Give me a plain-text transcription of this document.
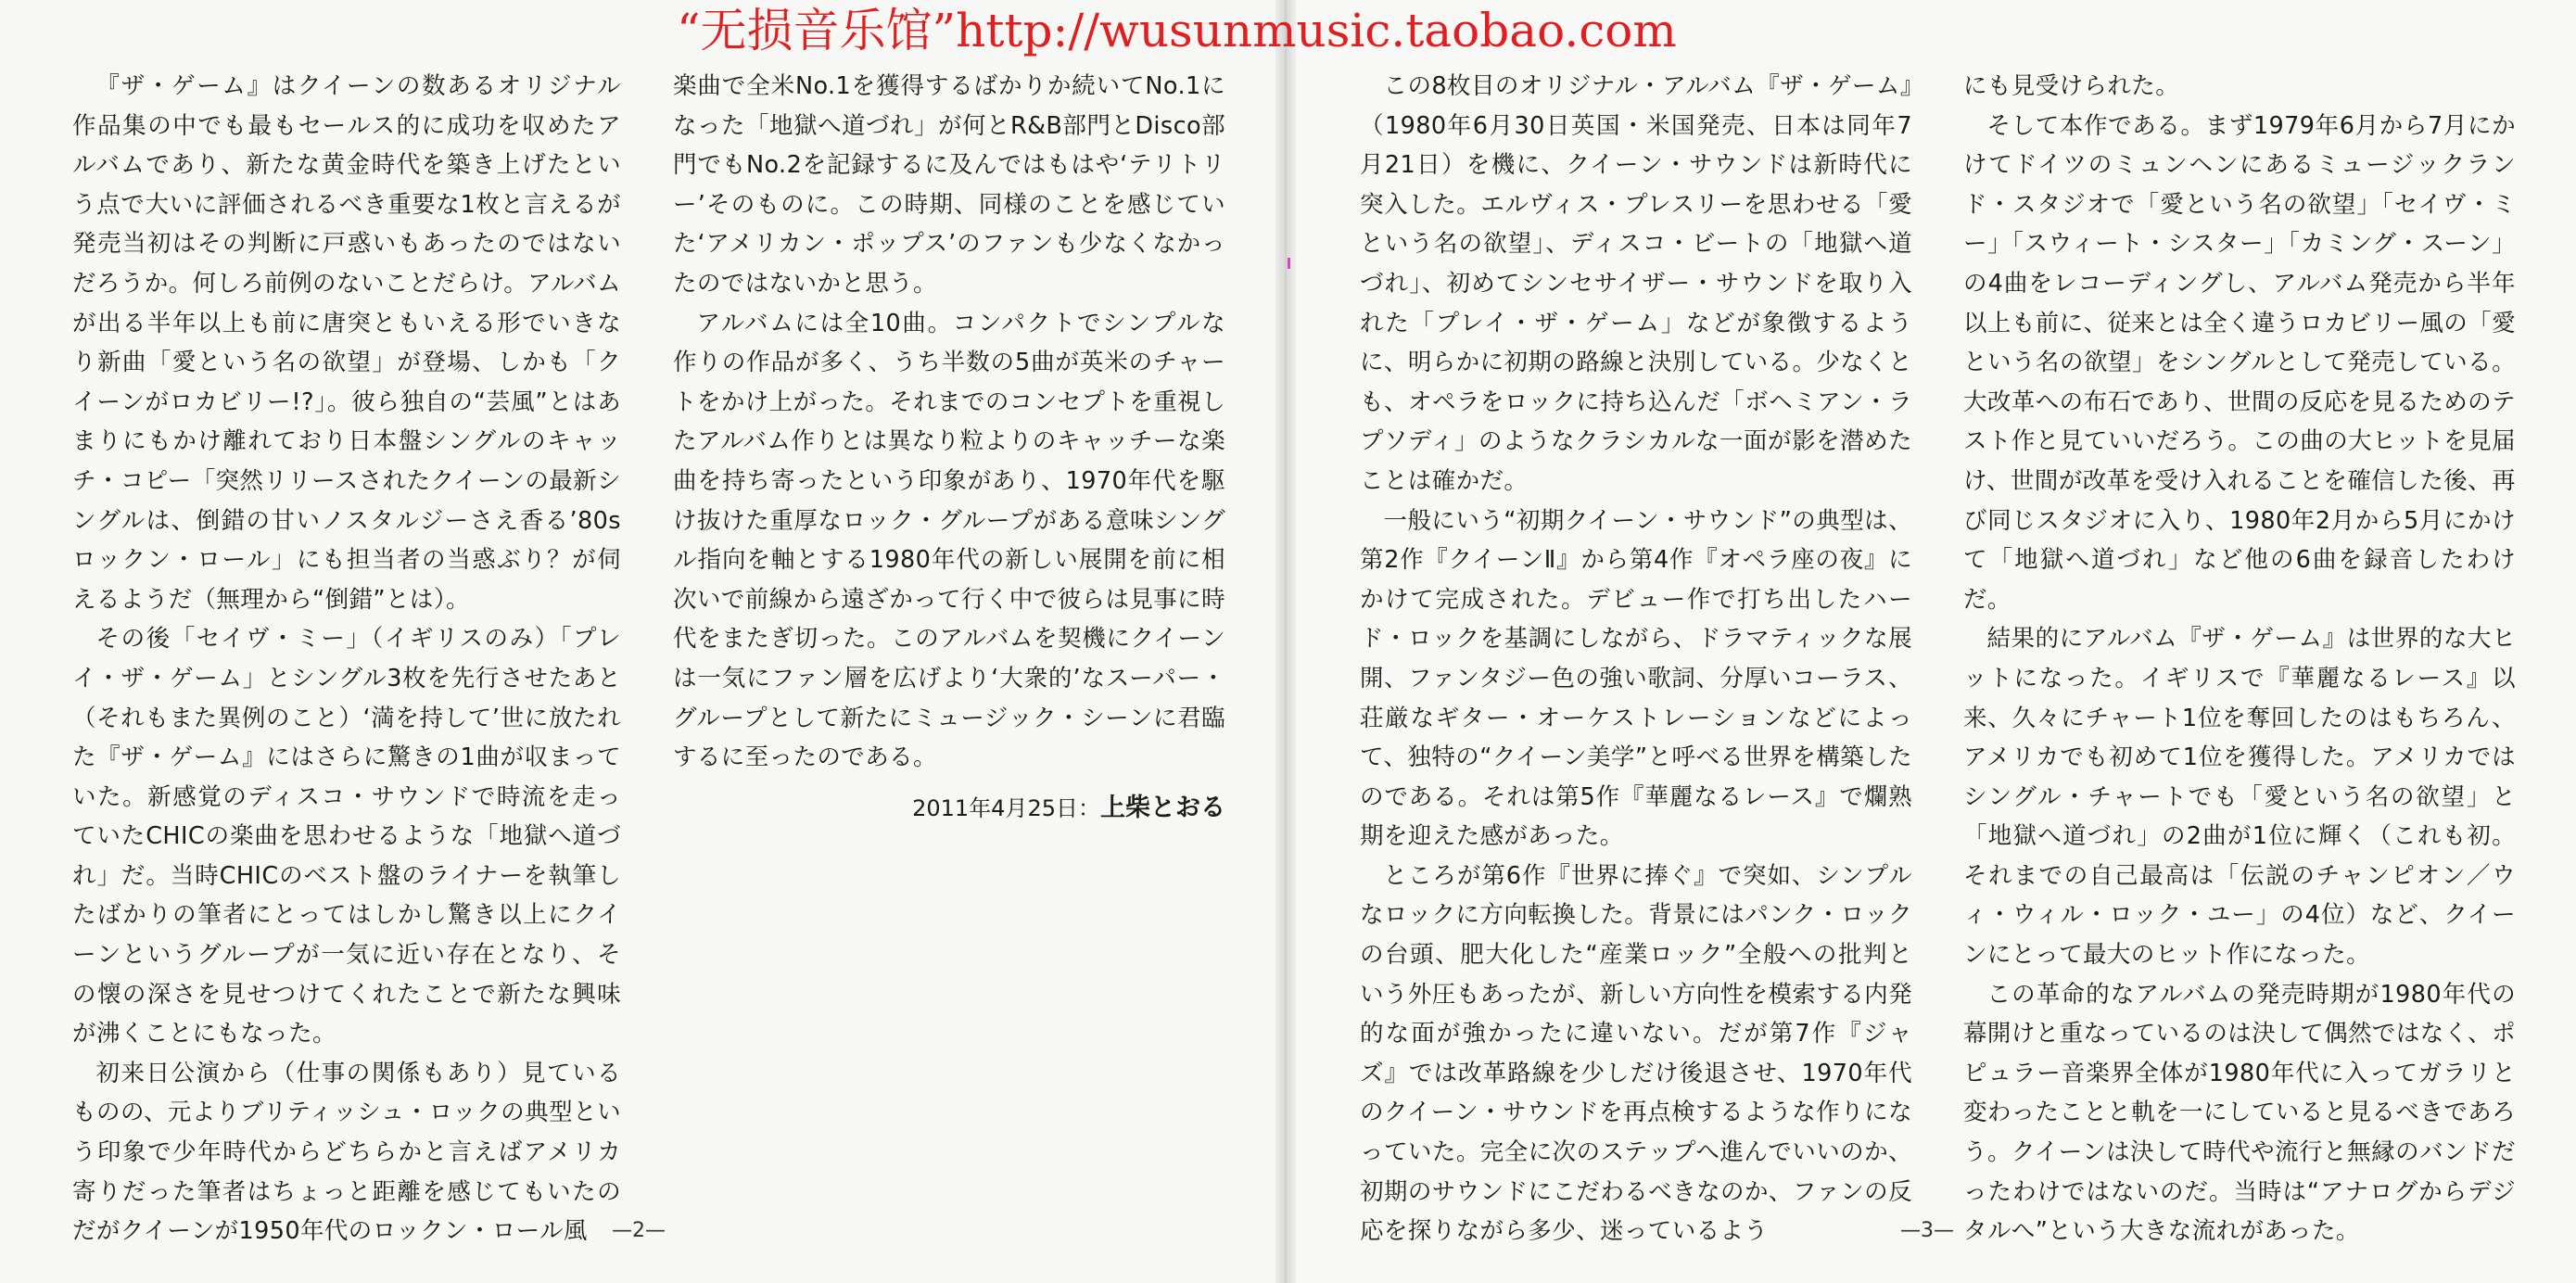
『ザ・ゲーム』はクイーンの数あるオリジナル作品集の中でも最もセールス的に成功を収めたアルバムであり、新たな黄金時代を築き上げたという点で大いに評価されるべき重要な1枚と言えるが発売当初はその判断に戸惑いもあったのではないだろうか。何しろ前例のないことだらけ。アルバムが出る半年以上も前に唐突ともいえる形でいきなり新曲「愛という名の欲望」が登場、しかも「クイーンがロカビリー!?」。彼ら独自の“芸風”とはあまりにもかけ離れており日本盤シングルのキャッチ・コピー「突然リリースされたクイーンの最新シングルは、倒錯の甘いノスタルジーさえ香る’80sロックン・ロール」にも担当者の当惑ぶり？が伺えるようだ（無理から“倒錯”とは）。

その後「セイヴ・ミー」（イギリスのみ）「プレイ・ザ・ゲーム」とシングル3枚を先行させたあと（それもまた異例のこと）‘満を持して’世に放たれた『ザ・ゲーム』にはさらに驚きの1曲が収まっていた。新感覚のディスコ・サウンドで時流を走っていたCHICの楽曲を思わせるような「地獄へ道づれ」だ。当時CHICのベスト盤のライナーを執筆したばかりの筆者にとってはしかし驚き以上にクイーンというグループが一気に近い存在となり、その懐の深さを見せつけてくれたことで新たな興味が沸くことにもなった。

初来日公演から（仕事の関係もあり）見ているものの、元よりブリティッシュ・ロックの典型という印象で少年時代からどちらかと言えばアメリカ寄りだった筆者はちょっと距離を感じてもいたのだがクイーンが1950年代のロックン・ロール風

楽曲で全米No.1を獲得するばかりか続いてNo.1になった「地獄へ道づれ」が何とR&B部門とDisco部門でもNo.2を記録するに及んではもはや‘テリトリー’そのものに。この時期、同様のことを感じていた‘アメリカン・ポップス’のファンも少なくなかったのではないかと思う。

アルバムには全10曲。コンパクトでシンプルな作りの作品が多く、うち半数の5曲が英米のチャートをかけ上がった。それまでのコンセプトを重視したアルバム作りとは異なり粒よりのキャッチーな楽曲を持ち寄ったという印象があり、1970年代を駆け抜けた重厚なロック・グループがある意味シングル指向を軸とする1980年代の新しい展開を前に相次いで前線から遠ざかって行く中で彼らは見事に時代をまたぎ切った。このアルバムを契機にクイーンは一気にファン層を広げより‘大衆的’なスーパー・グループとして新たにミュージック・シーンに君臨するに至ったのである。

2011年4月25日：上柴とおる
—2—

この8枚目のオリジナル・アルバム『ザ・ゲーム』（1980年6月30日英国・米国発売、日本は同年7月21日）を機に、クイーン・サウンドは新時代に突入した。エルヴィス・プレスリーを思わせる「愛という名の欲望」、ディスコ・ビートの「地獄へ道づれ」、初めてシンセサイザー・サウンドを取り入れた「プレイ・ザ・ゲーム」などが象徴するように、明らかに初期の路線と決別している。少なくとも、オペラをロックに持ち込んだ「ボヘミアン・ラプソディ」のようなクラシカルな一面が影を潜めたことは確かだ。

一般にいう“初期クイーン・サウンド”の典型は、第2作『クイーンⅡ』から第4作『オペラ座の夜』にかけて完成された。デビュー作で打ち出したハード・ロックを基調にしながら、ドラマティックな展開、ファンタジー色の強い歌詞、分厚いコーラス、荘厳なギター・オーケストレーションなどによって、独特の“クイーン美学”と呼べる世界を構築したのである。それは第5作『華麗なるレース』で爛熟期を迎えた感があった。

ところが第6作『世界に捧ぐ』で突如、シンプルなロックに方向転換した。背景にはパンク・ロックの台頭、肥大化した“産業ロック”全般への批判という外圧もあったが、新しい方向性を模索する内発的な面が強かったに違いない。だが第7作『ジャズ』では改革路線を少しだけ後退させ、1970年代のクイーン・サウンドを再点検するような作りになっていた。完全に次のステップへ進んでいいのか、初期のサウンドにこだわるべきなのか、ファンの反応を探りながら多少、迷っているよう

にも見受けられた。

そして本作である。まず1979年6月から7月にかけてドイツのミュンヘンにあるミュージックランド・スタジオで「愛という名の欲望」「セイヴ・ミー」「スウィート・シスター」「カミング・スーン」の4曲をレコーディングし、アルバム発売から半年以上も前に、従来とは全く違うロカビリー風の「愛という名の欲望」をシングルとして発売している。大改革への布石であり、世間の反応を見るためのテスト作と見ていいだろう。この曲の大ヒットを見届け、世間が改革を受け入れることを確信した後、再び同じスタジオに入り、1980年2月から5月にかけて「地獄へ道づれ」など他の6曲を録音したわけだ。

結果的にアルバム『ザ・ゲーム』は世界的な大ヒットになった。イギリスで『華麗なるレース』以来、久々にチャート1位を奪回したのはもちろん、アメリカでも初めて1位を獲得した。アメリカではシングル・チャートでも「愛という名の欲望」と「地獄へ道づれ」の2曲が1位に輝く（これも初。それまでの自己最高は「伝説のチャンピオン／ウィ・ウィル・ロック・ユー」の4位）など、クイーンにとって最大のヒット作になった。

この革命的なアルバムの発売時期が1980年代の幕開けと重なっているのは決して偶然ではなく、ポピュラー音楽界全体が1980年代に入ってガラリと変わったことと軌を一にしていると見るべきであろう。クイーンは決して時代や流行と無縁のバンドだったわけではないのだ。当時は“アナログからデジタルへ”という大きな流れがあった。

—3—
“无损音乐馆”http://wusunmusic.taobao.com
